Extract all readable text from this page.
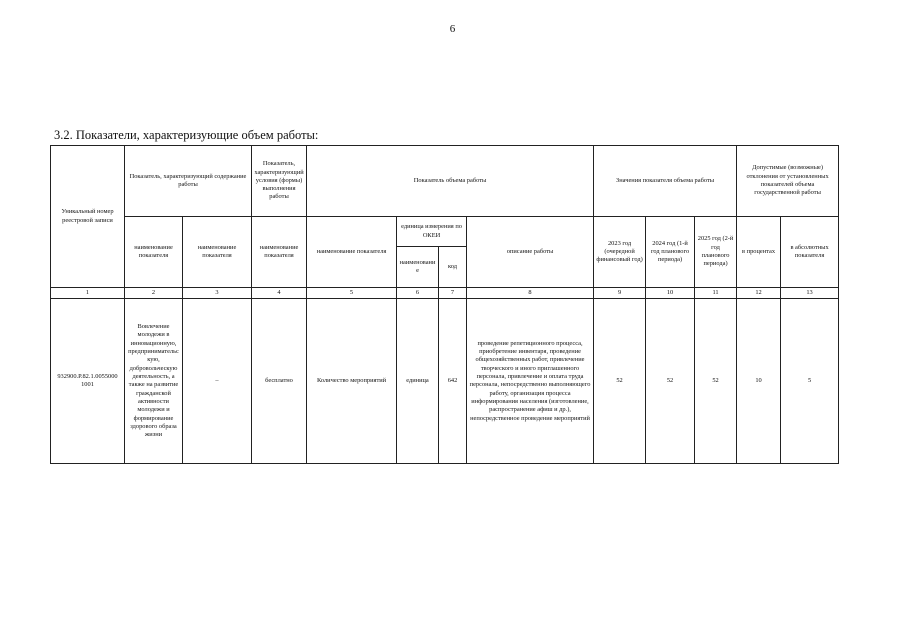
6
3.2. Показатели, характеризующие объем работы:
Уникальный номер реестровой записи	Показатель, характеризующий содержание работы		Показатель, характеризующий условия (формы) выполнения работы	Показатель объема работы				Значения показателя объема работы			Допустимые (возможные) отклонения от установленных показателей объема государственной работы	
	наименование показателя	наименование показателя	наименование показателя	наименование показателя	единица измерения по ОКЕИ		описание работы	2023 год (очередной финансовый год)	2024 год (1-й год планового периода)	2025 год (2-й год планового периода)	в процентах	в абсолютных показателя
					наименование	код						
1	2	3	4	5	6	7	8	9	10	11	12	13
932900.Р.82.1.0055000 1001	Вовлечение молодежи в инновационную, предпринимательскую, добровольческую деятельность, а также на развитие гражданской активности молодежи и формирование здорового образа жизни	–	бесплатно	Количество мероприятий	единица	642	проведение репетиционного процесса, приобретение инвентаря, проведение общехозяйственных работ, привлечение творческого и иного приглашенного персонала, привлечение и оплата труда персонала, непосредственно выполняющего работу, организация процесса информирования населения (изготовление, распространение афиш и др.), непосредственное проведение мероприятий	52	52	52	10	5
